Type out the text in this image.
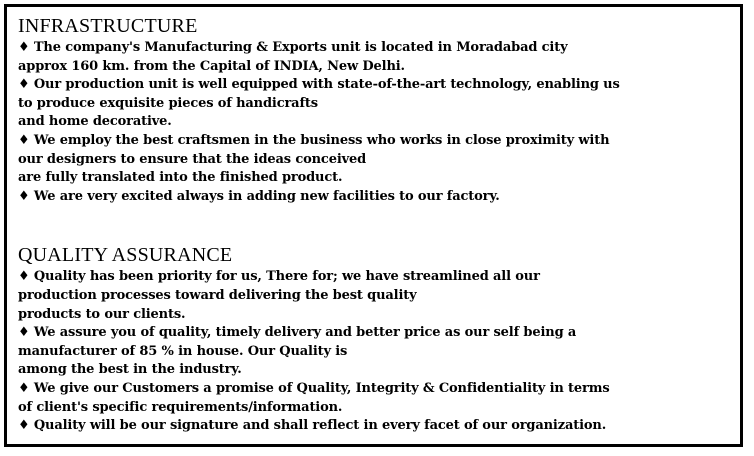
INFRASTRUCTURE

♦ The company's Manufacturing & Exports unit is located in Moradabad city

approx 160 km. from the Capital of INDIA, New Delhi.

♦ Our production unit is well equipped with state-of-the-art technology, enabling us

to produce exquisite pieces of handicrafts

and home decorative.

♦ We employ the best craftsmen in the business who works in close proximity with

our designers to ensure that the ideas conceived

are fully translated into the finished product.

♦ We are very excited always in adding new facilities to our factory.

QUALITY ASSURANCE

♦ Quality has been priority for us, There for; we have streamlined all our

production processes toward delivering the best quality

products to our clients.

♦ We assure you of quality, timely delivery and better price as our self being a

manufacturer of 85 % in house. Our Quality is

among the best in the industry.

♦ We give our Customers a promise of Quality, Integrity & Confidentiality in terms

of client's specific requirements/information.

♦ Quality will be our signature and shall reflect in every facet of our organization.
